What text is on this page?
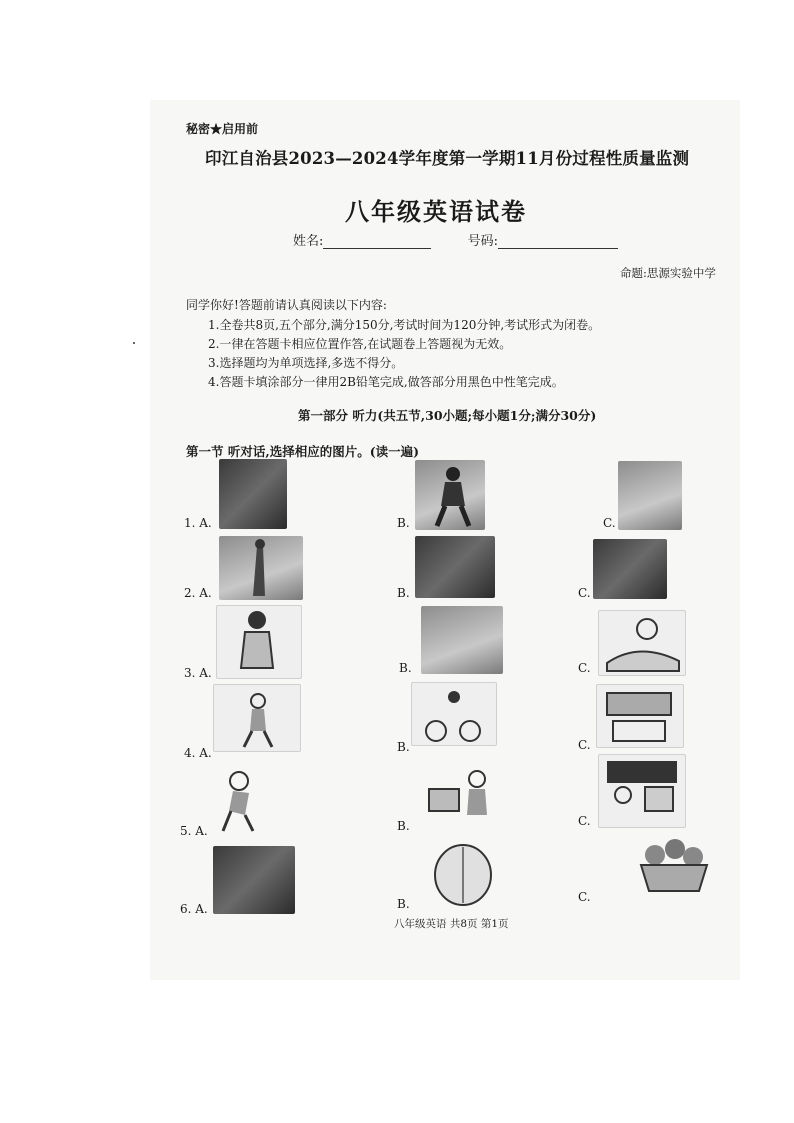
秘密★启用前
印江自治县2023—2024学年度第一学期11月份过程性质量监测
八年级英语试卷
姓名:	号码:
命题:思源实验中学
同学你好!答题前请认真阅读以下内容:
1.全卷共8页,五个部分,满分150分,考试时间为120分钟,考试形式为闭卷。
2.一律在答题卡相应位置作答,在试题卷上答题视为无效。
3.选择题均为单项选择,多选不得分。
4.答题卡填涂部分一律用2B铅笔完成,做答部分用黑色中性笔完成。
第一部分 听力(共五节,30小题;每小题1分;满分30分)
第一节 听对话,选择相应的图片。(读一遍)
1. A.	B.	C.
2. A.	B.	C.
3. A.	B.	C.
4. A.	B.	C.
5. A.	B.	C.
6. A.	B.	C.
八年级英语 共8页 第1页
